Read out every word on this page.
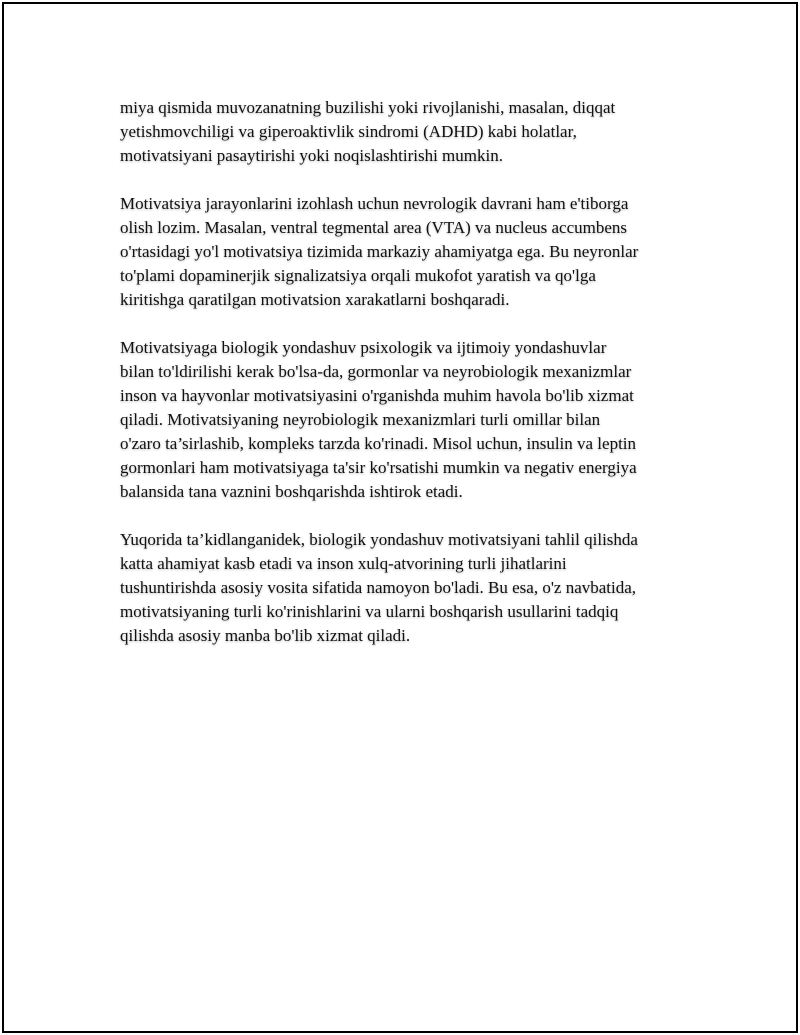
miya qismida muvozanatning buzilishi yoki rivojlanishi, masalan, diqqat
yetishmovchiligi va giperoaktivlik sindromi (ADHD) kabi holatlar,
motivatsiyani pasaytirishi yoki noqislashtirishi mumkin.

Motivatsiya jarayonlarini izohlash uchun nevrologik davrani ham e'tiborga
olish lozim. Masalan, ventral tegmental area (VTA) va nucleus accumbens
o'rtasidagi yo'l motivatsiya tizimida markaziy ahamiyatga ega. Bu neyronlar
to'plami dopaminerjik signalizatsiya orqali mukofot yaratish va qo'lga
kiritishga qaratilgan motivatsion xarakatlarni boshqaradi.

Motivatsiyaga biologik yondashuv psixologik va ijtimoiy yondashuvlar
bilan to'ldirilishi kerak bo'lsa-da, gormonlar va neyrobiologik mexanizmlar
inson va hayvonlar motivatsiyasini o'rganishda muhim havola bo'lib xizmat
qiladi. Motivatsiyaning neyrobiologik mexanizmlari turli omillar bilan
o'zaro ta’sirlashib, kompleks tarzda ko'rinadi. Misol uchun, insulin va leptin
gormonlari ham motivatsiyaga ta'sir ko'rsatishi mumkin va negativ energiya
balansida tana vaznini boshqarishda ishtirok etadi.

Yuqorida ta’kidlanganidek, biologik yondashuv motivatsiyani tahlil qilishda
katta ahamiyat kasb etadi va inson xulq-atvorining turli jihatlarini
tushuntirishda asosiy vosita sifatida namoyon bo'ladi. Bu esa, o'z navbatida,
motivatsiyaning turli ko'rinishlarini va ularni boshqarish usullarini tadqiq
qilishda asosiy manba bo'lib xizmat qiladi.
